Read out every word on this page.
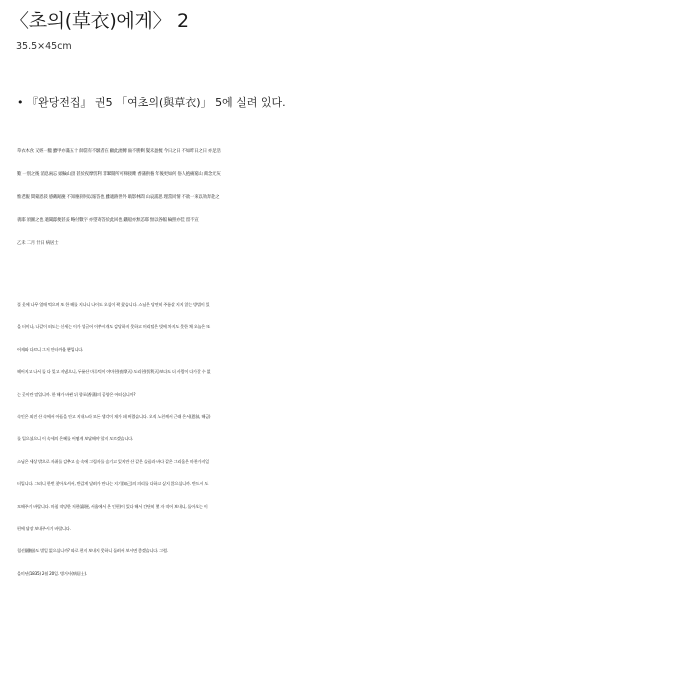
〈초의(草衣)에게〉 2
35.5×45cm
• 『완당전집』 권5 「여초의(與草衣)」 5에 실려 있다.
草衣木食 又經一臘 雖甲亦滿五十 師當有不皺者在 顧此流轉 齒不勝剩 髮未盈梳 今日之日 不如昨日之日 亦足浩
歎 一別之後 消息兩忘 頭輪山頂 甚於夜摩忉利 非鞶開所可梯接歟 香蒲供養 年後更如何 俗人抱痛窮山 萬念尤灰
惟老親 間蒙恩敍 感戴蹈慶 不知塵刹何以報答也 雖適跡世外 戢影林間 山哀浦思 理當同情 不欲一來以効奔赴之
義耶 須圖之也 適聞邸便甚妥 略付數字 亦望寄答於此回也 鐵船亦無恙耶 無以各幅 輪照亦佳 留不宣
乙未 二月 卄日 病居士
풀 옷에 나무 열매 먹으며 또 한 해를 지나니 나이도 오십이 꽉 찼습니다. 스님은 당연히 주름살 지지 않는 방법이 있
을 터이나, 나같이 떠도는 신세는 이가 성글어 이쑤시개도 감당하지 못하고 머리털은 빗에 차지도 못한 채 오늘은 또
어제와 다르니 그저 안타까울 뿐입니다.
헤어지고 나서 둘 다 잊고 지냈으니, 두륜산 마루턱이 야마천(夜摩天) 도리천(忉利天)보다도 더 사람이 다가갈 수 없
는 곳이란 말입니까. 한 해가 바뀐 뒤 향포(香蒲)의 공양은 어떠십니까?
속인은 외진 산 속에서 아픔을 안고 지내느라 모든 생각이 재가 돼 버렸습니다. 오직 노친께서 근래 은서(恩敍, 해금)
를 입으셨으니 이 속세의 은혜를 어떻게 보답해야 할지 모르겠습니다.
스님은 세상 밖으로 자취를 감추고 숲 속에 그림자를 숨기고 있지만 산 같은 슬픔과 바다 같은 그리움은 마찬가지일
터입니다. 그러니 한번 찾아오셔서, 반갑게 달려가 만나는 지기(知己)의 의리를 다하고 싶지 않으십니까. 반드시 도
모해주기 바랍니다. 마침 적당한 저편(邸便, 서울에서 온 인편)이 있다 해서 간단히 몇 자 적어 보내니, 돌아오는 이
편에 답장 보내주시기 바랍니다.
철선(鐵船)도 별일 없으십니까? 따로 편지 보내지 못하니 돌려서 보시면 좋겠습니다. 그럼.
을미년(1835) 2월 20일. 병거사(病居士).
